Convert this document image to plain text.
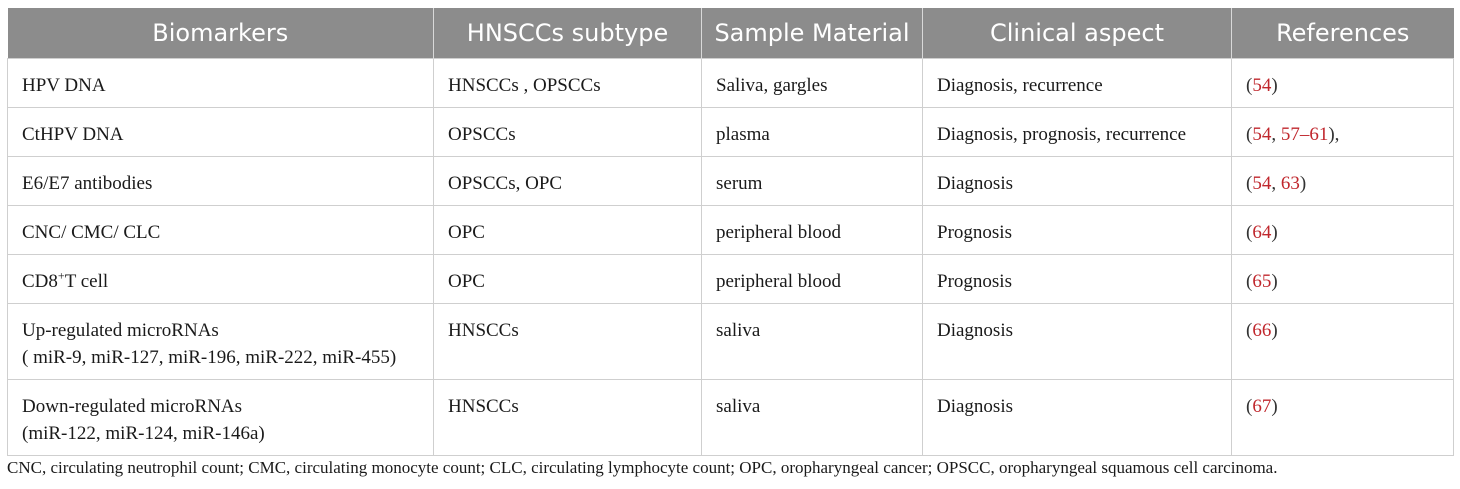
Biomarkers	HNSCCs subtype	Sample Material	Clinical aspect	References
HPV DNA	HNSCCs , OPSCCs	Saliva, gargles	Diagnosis, recurrence	(54)
CtHPV DNA	OPSCCs	plasma	Diagnosis, prognosis, recurrence	(54, 57–61),
E6/E7 antibodies	OPSCCs, OPC	serum	Diagnosis	(54, 63)
CNC/ CMC/ CLC	OPC	peripheral blood	Prognosis	(64)
CD8+T cell	OPC	peripheral blood	Prognosis	(65)

Up-regulated microRNAs
( miR-9, miR-127, miR-196, miR-222, miR-455)	HNSCCs	saliva	Diagnosis	(66)

Down-regulated microRNAs
(miR-122, miR-124, miR-146a)	HNSCCs	saliva	Diagnosis	(67)
CNC, circulating neutrophil count; CMC, circulating monocyte count; CLC, circulating lymphocyte count; OPC, oropharyngeal cancer; OPSCC, oropharyngeal squamous cell carcinoma.
